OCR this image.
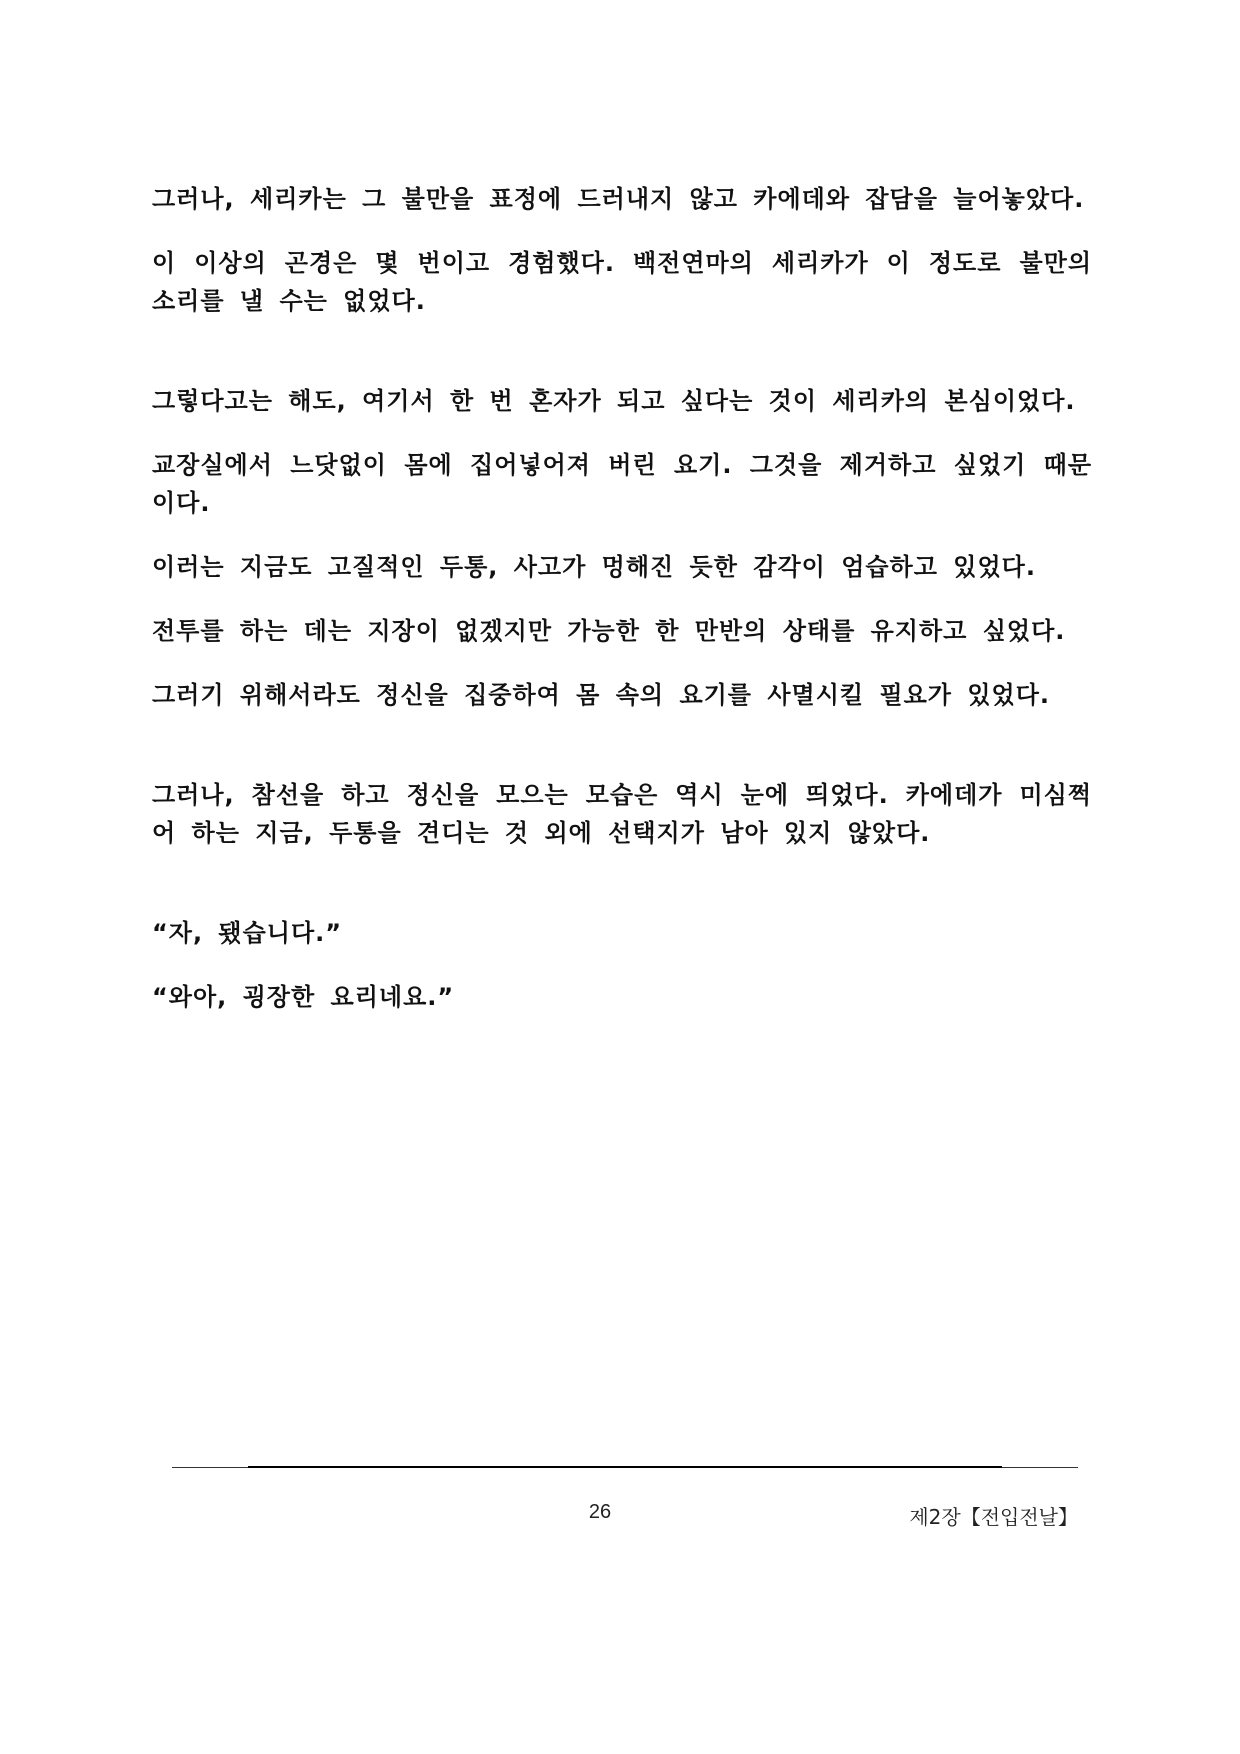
그러나, 세리카는 그 불만을 표정에 드러내지 않고 카에데와 잡담을 늘어놓았다.

이 이상의 곤경은 몇 번이고 경험했다. 백전연마의 세리카가 이 정도로 불만의 소리를 낼 수는 없었다.

그렇다고는 해도, 여기서 한 번 혼자가 되고 싶다는 것이 세리카의 본심이었다.

교장실에서 느닷없이 몸에 집어넣어져 버린 요기. 그것을 제거하고 싶었기 때문이다.

이러는 지금도 고질적인 두통, 사고가 멍해진 듯한 감각이 엄습하고 있었다.

전투를 하는 데는 지장이 없겠지만 가능한 한 만반의 상태를 유지하고 싶었다.

그러기 위해서라도 정신을 집중하여 몸 속의 요기를 사멸시킬 필요가 있었다.

그러나, 참선을 하고 정신을 모으는 모습은 역시 눈에 띄었다. 카에데가 미심쩍어 하는 지금, 두통을 견디는 것 외에 선택지가 남아 있지 않았다.

“자, 됐습니다.”

“와아, 굉장한 요리네요.”

26	제2장【전입전날】
